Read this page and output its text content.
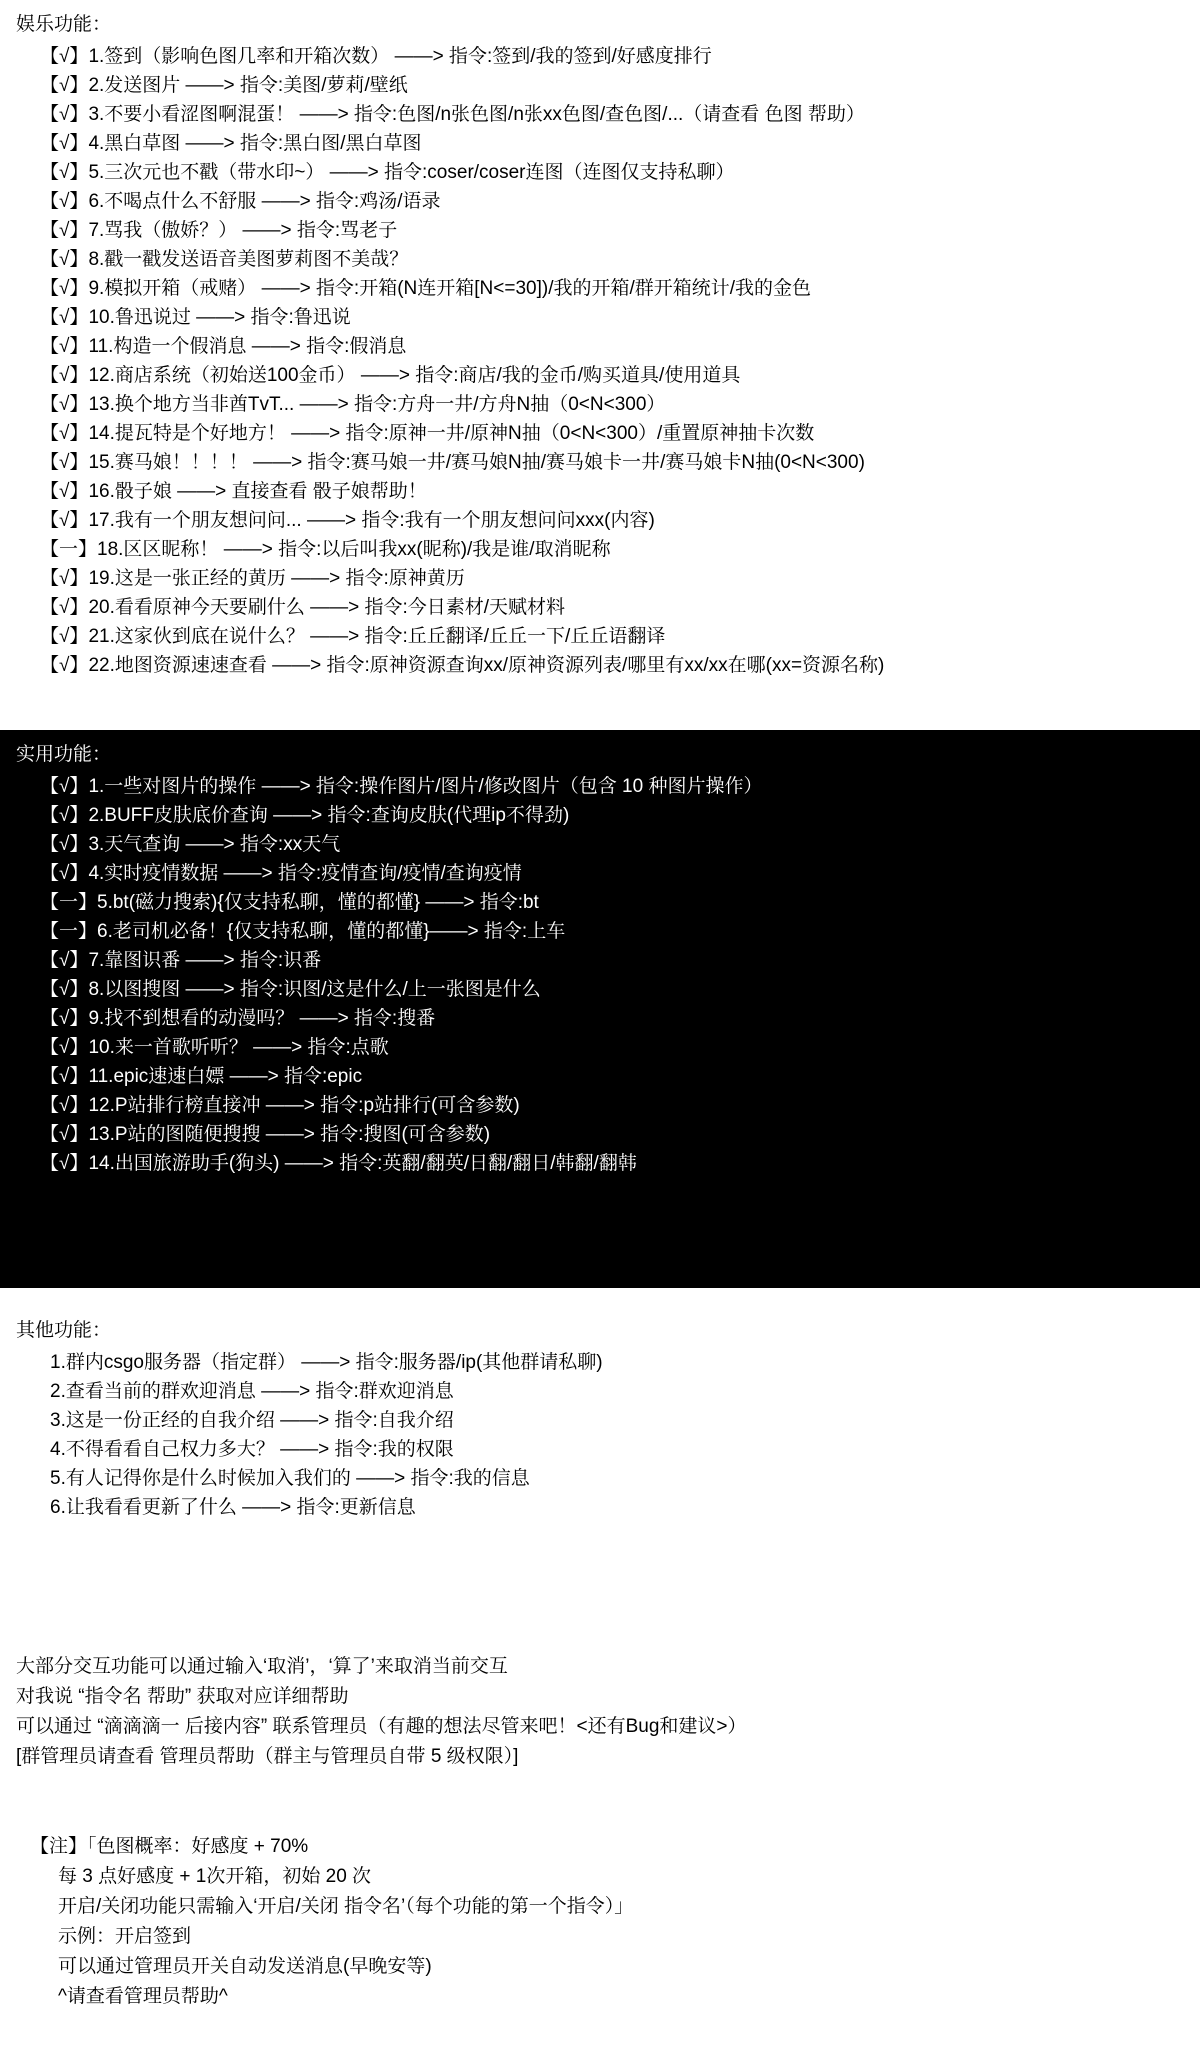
娱乐功能：
【√】1.签到（影响色图几率和开箱次数） ——> 指令:签到/我的签到/好感度排行
【√】2.发送图片 ——> 指令:美图/萝莉/壁纸
【√】3.不要小看涩图啊混蛋！ ——> 指令:色图/n张色图/n张xx色图/查色图/...（请查看 色图 帮助）
【√】4.黑白草图 ——> 指令:黑白图/黑白草图
【√】5.三次元也不戳（带水印~） ——> 指令:coser/coser连图（连图仅支持私聊）
【√】6.不喝点什么不舒服 ——> 指令:鸡汤/语录
【√】7.骂我（傲娇？） ——> 指令:骂老子
【√】8.戳一戳发送语音美图萝莉图不美哉？
【√】9.模拟开箱（戒赌） ——> 指令:开箱(N连开箱[N<=30])/我的开箱/群开箱统计/我的金色
【√】10.鲁迅说过 ——> 指令:鲁迅说
【√】11.构造一个假消息 ——> 指令:假消息
【√】12.商店系统（初始送100金币） ——> 指令:商店/我的金币/购买道具/使用道具
【√】13.换个地方当非酋TvT... ——> 指令:方舟一井/方舟N抽（0<N<300）
【√】14.提瓦特是个好地方！ ——> 指令:原神一井/原神N抽（0<N<300）/重置原神抽卡次数
【√】15.赛马娘！！！！ ——> 指令:赛马娘一井/赛马娘N抽/赛马娘卡一井/赛马娘卡N抽(0<N<300)
【√】16.骰子娘 ——> 直接查看 骰子娘帮助！
【√】17.我有一个朋友想问问... ——> 指令:我有一个朋友想问问xxx(内容)
【一】18.区区昵称！ ——> 指令:以后叫我xx(昵称)/我是谁/取消昵称
【√】19.这是一张正经的黄历 ——> 指令:原神黄历
【√】20.看看原神今天要刷什么 ——> 指令:今日素材/天赋材料
【√】21.这家伙到底在说什么？ ——> 指令:丘丘翻译/丘丘一下/丘丘语翻译
【√】22.地图资源速速查看 ——> 指令:原神资源查询xx/原神资源列表/哪里有xx/xx在哪(xx=资源名称)
实用功能：
【√】1.一些对图片的操作 ——> 指令:操作图片/图片/修改图片（包含 10 种图片操作）
【√】2.BUFF皮肤底价查询 ——> 指令:查询皮肤(代理ip不得劲)
【√】3.天气查询 ——> 指令:xx天气
【√】4.实时疫情数据 ——> 指令:疫情查询/疫情/查询疫情
【一】5.bt(磁力搜索){仅支持私聊，懂的都懂} ——> 指令:bt
【一】6.老司机必备！{仅支持私聊，懂的都懂}——> 指令:上车
【√】7.靠图识番 ——> 指令:识番
【√】8.以图搜图 ——> 指令:识图/这是什么/上一张图是什么
【√】9.找不到想看的动漫吗？ ——> 指令:搜番
【√】10.来一首歌听听？ ——> 指令:点歌
【√】11.epic速速白嫖 ——> 指令:epic
【√】12.P站排行榜直接冲 ——> 指令:p站排行(可含参数)
【√】13.P站的图随便搜搜 ——> 指令:搜图(可含参数)
【√】14.出国旅游助手(狗头) ——> 指令:英翻/翻英/日翻/翻日/韩翻/翻韩
其他功能：
1.群内csgo服务器（指定群） ——> 指令:服务器/ip(其他群请私聊)
2.查看当前的群欢迎消息 ——> 指令:群欢迎消息
3.这是一份正经的自我介绍 ——> 指令:自我介绍
4.不得看看自己权力多大？ ——> 指令:我的权限
5.有人记得你是什么时候加入我们的 ——> 指令:我的信息
6.让我看看更新了什么 ——> 指令:更新信息
大部分交互功能可以通过输入‘取消’，‘算了’来取消当前交互
对我说 “指令名 帮助” 获取对应详细帮助
可以通过 “滴滴滴一 后接内容” 联系管理员（有趣的想法尽管来吧！<还有Bug和建议>）
[群管理员请查看 管理员帮助（群主与管理员自带 5 级权限）]
【注】「色图概率：好感度 + 70%
每 3 点好感度 + 1次开箱，初始 20 次
开启/关闭功能只需输入‘开启/关闭 指令名’（每个功能的第一个指令）」
示例：开启签到
可以通过管理员开关自动发送消息(早晚安等)
^请查看管理员帮助^
